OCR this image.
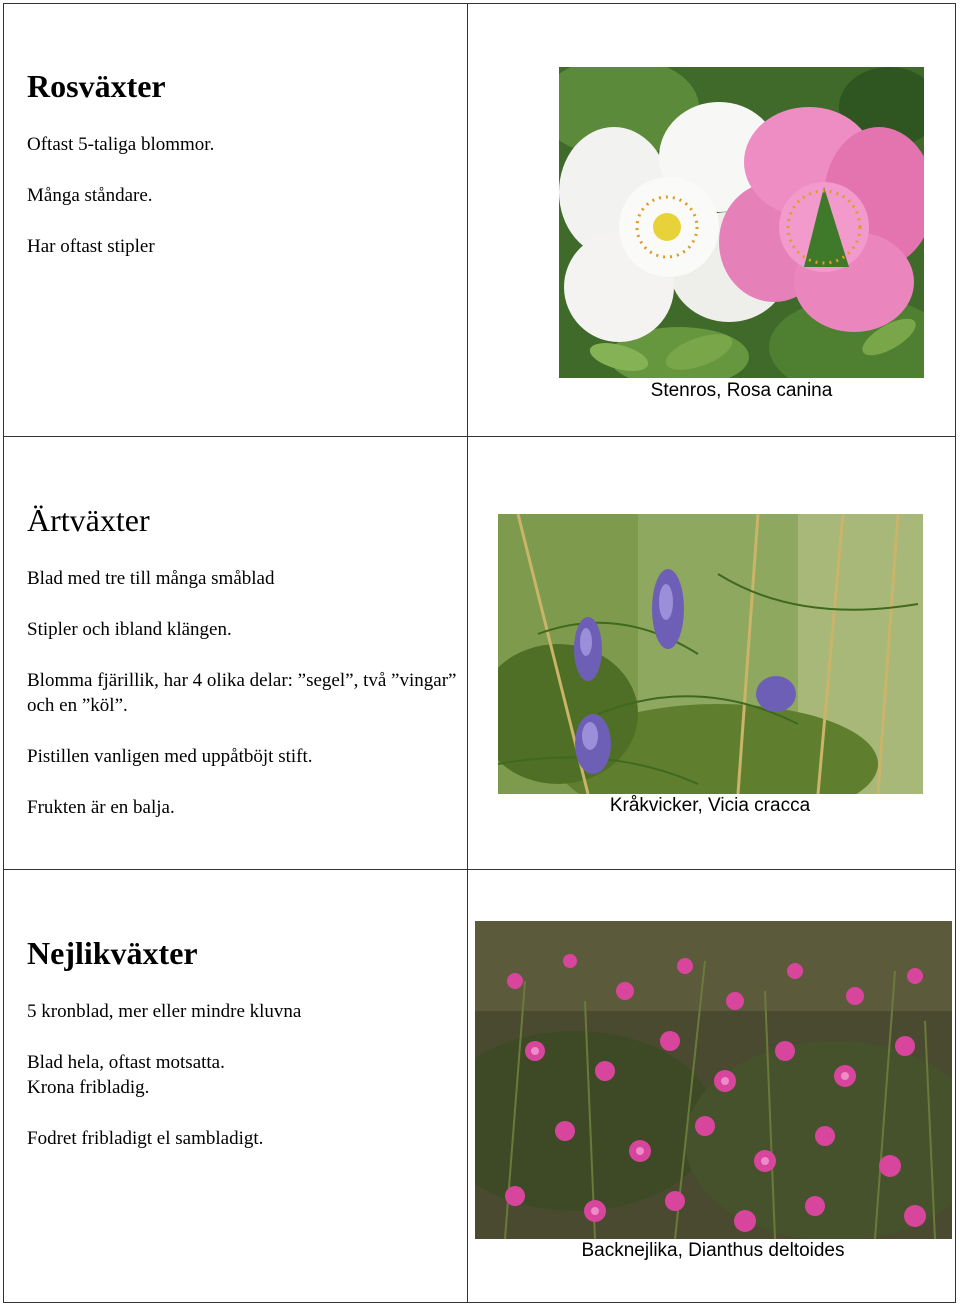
Rosväxter
Oftast 5-taliga blommor.
Många ståndare.
Har oftast stipler
Stenros, Rosa canina
Ärtväxter
Blad med tre till många småblad
Stipler och ibland klängen.
Blomma fjärillik, har 4 olika delar: ”segel”, två ”vingar” och en ”köl”.
Pistillen vanligen med uppåtböjt stift.
Frukten är en balja.	Kråkvicker, Vicia cracca
Nejlikväxter
5 kronblad, mer eller mindre kluvna
Blad hela, oftast motsatta.
Krona fribladig.
Fodret fribladigt el sambladigt.
Backnejlika, Dianthus deltoides
